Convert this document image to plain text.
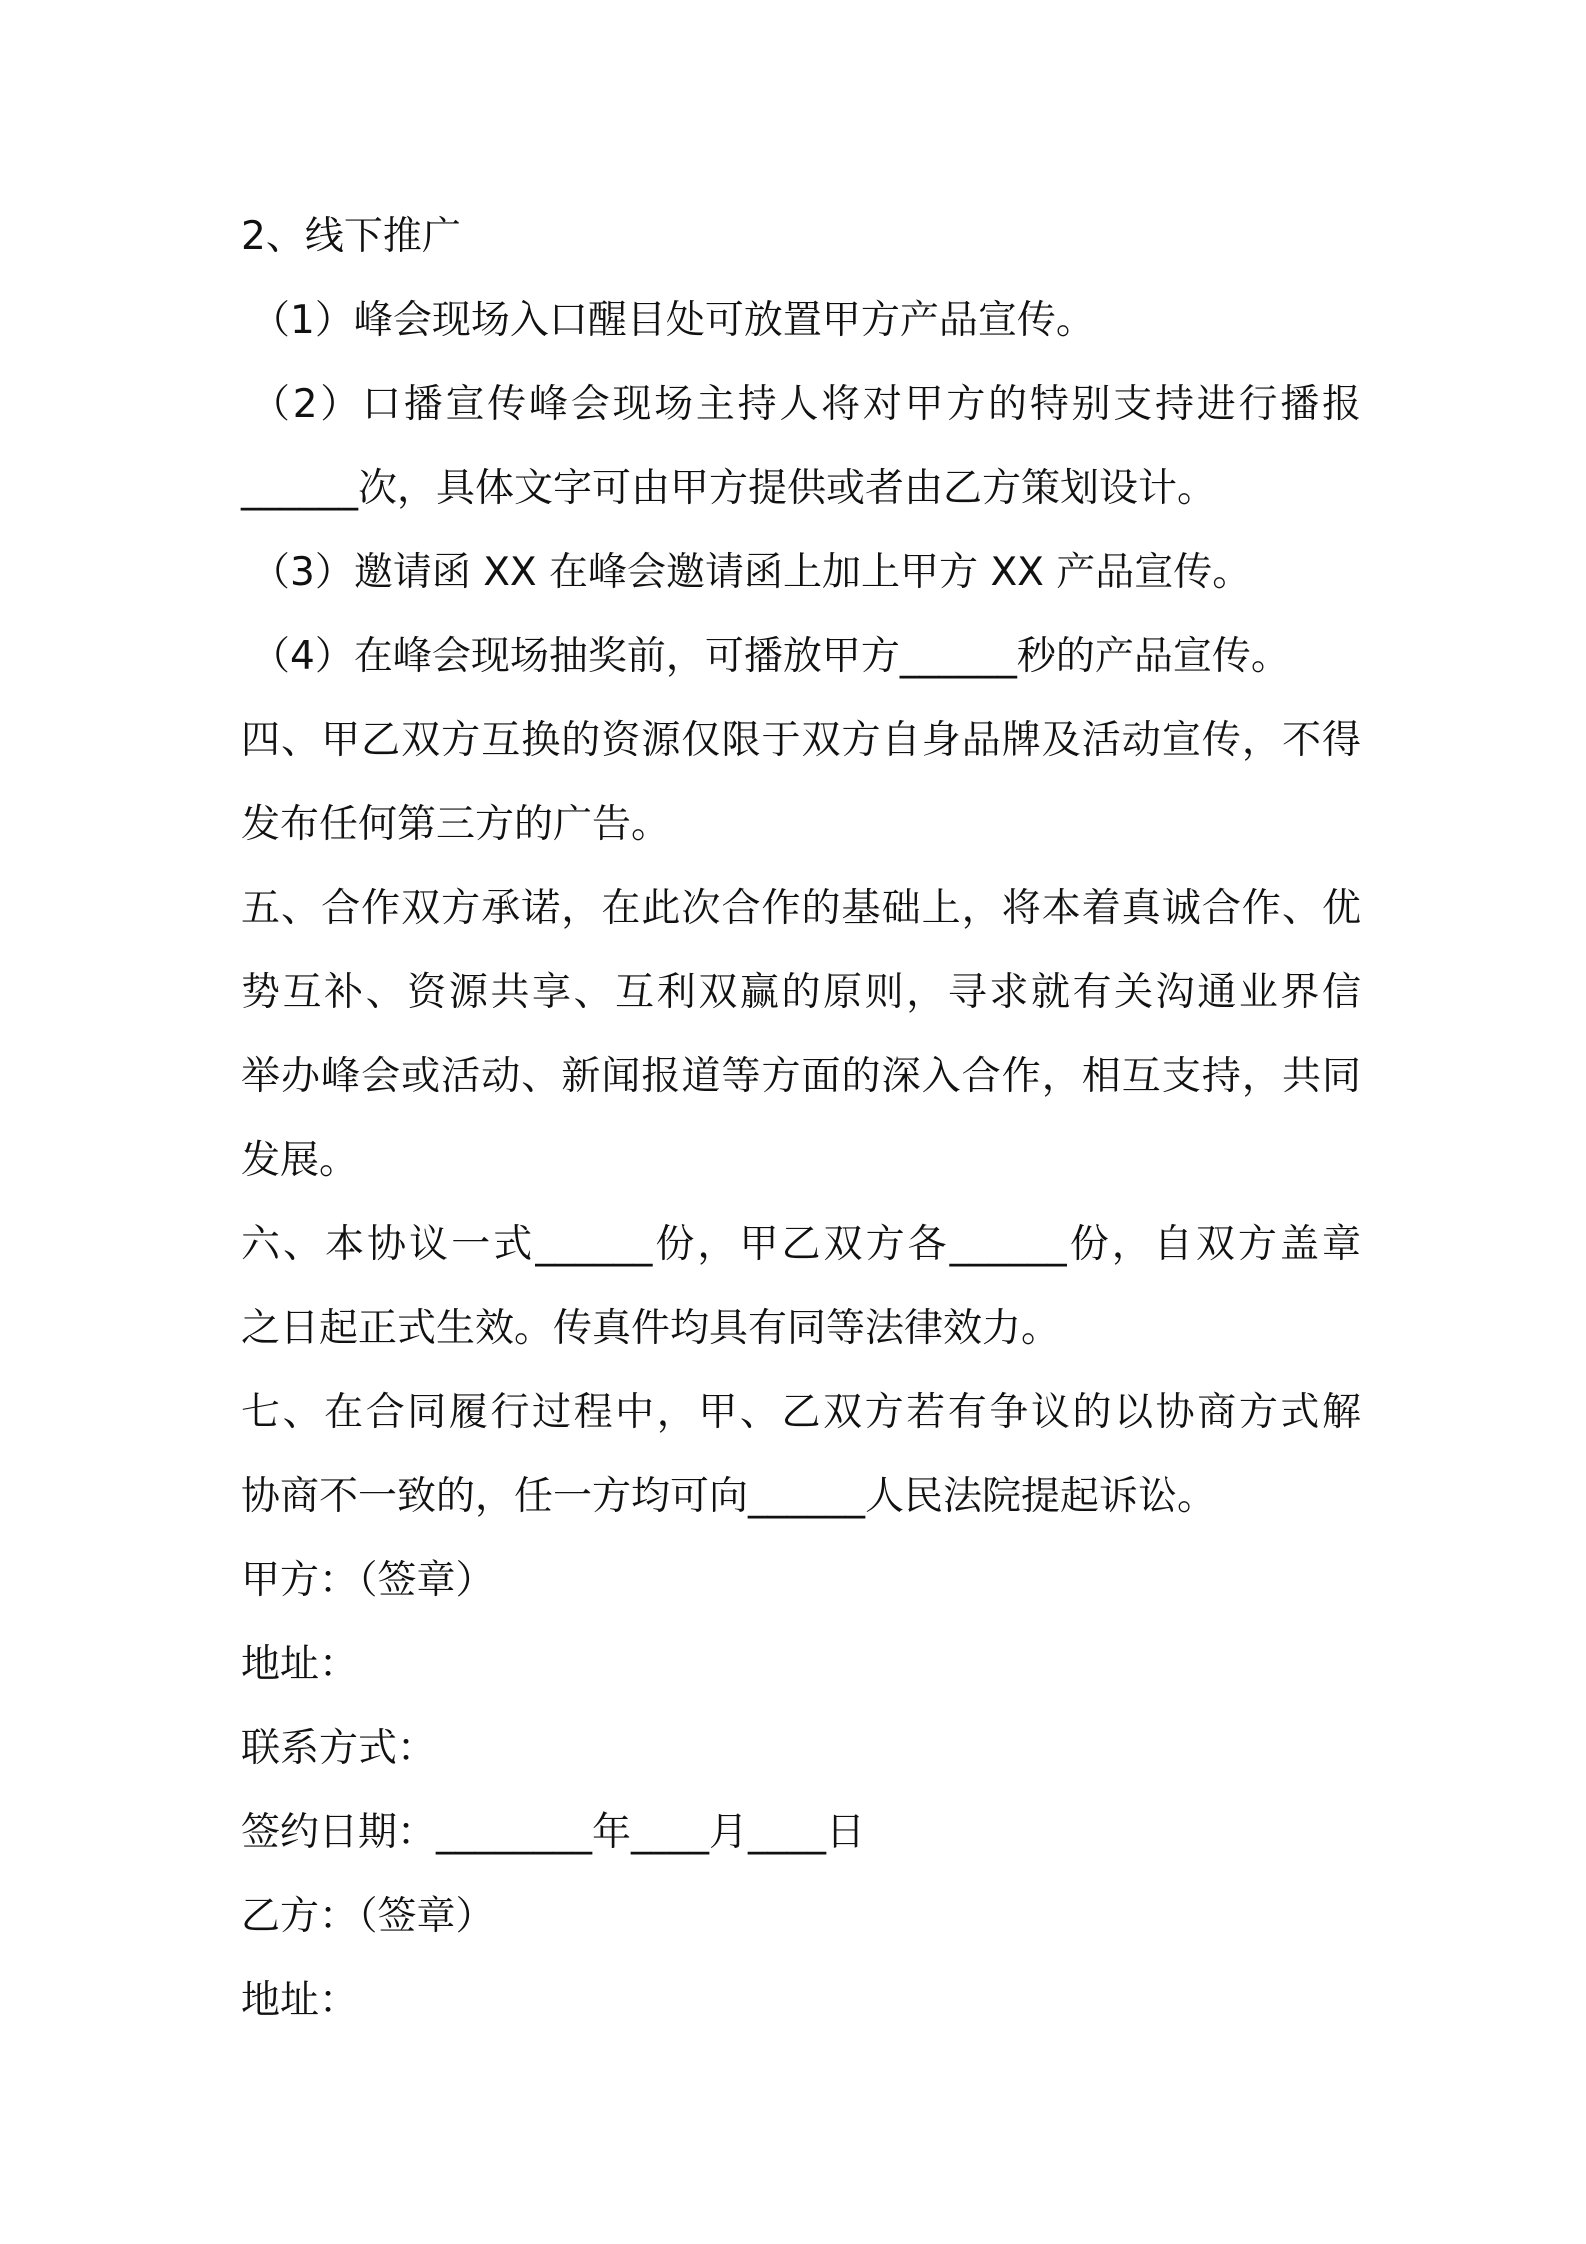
2、线下推广
（1）峰会现场入口醒目处可放置甲方产品宣传。
（2）口播宣传峰会现场主持人将对甲方的特别支持进行播报
______次，具体文字可由甲方提供或者由乙方策划设计。
（3）邀请函 XX 在峰会邀请函上加上甲方 XX 产品宣传。
（4）在峰会现场抽奖前，可播放甲方______秒的产品宣传。
四、甲乙双方互换的资源仅限于双方自身品牌及活动宣传，不得
发布任何第三方的广告。
五、合作双方承诺，在此次合作的基础上，将本着真诚合作、优
势互补、资源共享、互利双赢的原则，寻求就有关沟通业界信
举办峰会或活动、新闻报道等方面的深入合作，相互支持，共同
发展。
六、本协议一式______份，甲乙双方各______份，自双方盖章
之日起正式生效。传真件均具有同等法律效力。
七、在合同履行过程中，甲、乙双方若有争议的以协商方式解
协商不一致的，任一方均可向______人民法院提起诉讼。
甲方：（签章）
地址：
联系方式：
签约日期：________年____月____日
乙方：（签章）
地址：
